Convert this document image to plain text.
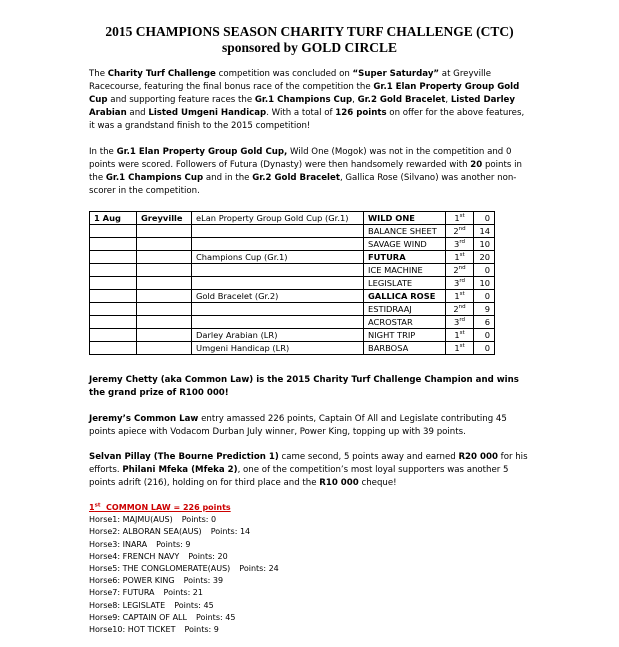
2015 CHAMPIONS SEASON CHARITY TURF CHALLENGE (CTC)
sponsored by GOLD CIRCLE
The Charity Turf Challenge competition was concluded on “Super Saturday” at Greyville Racecourse, featuring the final bonus race of the competition the Gr.1 Elan Property Group Gold Cup and supporting feature races the Gr.1 Champions Cup, Gr.2 Gold Bracelet, Listed Darley Arabian and Listed Umgeni Handicap. With a total of 126 points on offer for the above features, it was a grandstand finish to the 2015 competition!
In the Gr.1 Elan Property Group Gold Cup, Wild One (Mogok) was not in the competition and 0 points were scored. Followers of Futura (Dynasty) were then handsomely rewarded with 20 points in the Gr.1 Champions Cup and in the Gr.2 Gold Bracelet, Gallica Rose (Silvano) was another non-scorer in the competition.
1 Aug	Greyville	eLan Property Group Gold Cup (Gr.1)	WILD ONE	1st	0
			BALANCE SHEET	2nd	14
			SAVAGE WIND	3rd	10
		Champions Cup (Gr.1)	FUTURA	1st	20
			ICE MACHINE	2nd	0
			LEGISLATE	3rd	10
		Gold Bracelet (Gr.2)	GALLICA ROSE	1st	0
			ESTIDRAAJ	2nd	9
			ACROSTAR	3rd	6
		Darley Arabian (LR)	NIGHT TRIP	1st	0
		Umgeni Handicap (LR)	BARBOSA	1st	0
Jeremy Chetty (aka Common Law) is the 2015 Charity Turf Challenge Champion and wins the grand prize of R100 000!
Jeremy’s Common Law entry amassed 226 points, Captain Of All and Legislate contributing 45 points apiece with Vodacom Durban July winner, Power King, topping up with 39 points.
Selvan Pillay (The Bourne Prediction 1) came second, 5 points away and earned R20 000 for his efforts. Philani Mfeka (Mfeka 2), one of the competition’s most loyal supporters was another 5 points adrift (216), holding on for third place and the R10 000 cheque!
1st  COMMON LAW = 226 points
Horse1: MAJMU(AUS) Points: 0
Horse2: ALBORAN SEA(AUS) Points: 14
Horse3: INARA Points: 9
Horse4: FRENCH NAVY Points: 20
Horse5: THE CONGLOMERATE(AUS) Points: 24
Horse6: POWER KING Points: 39
Horse7: FUTURA Points: 21
Horse8: LEGISLATE Points: 45
Horse9: CAPTAIN OF ALL Points: 45
Horse10: HOT TICKET Points: 9
